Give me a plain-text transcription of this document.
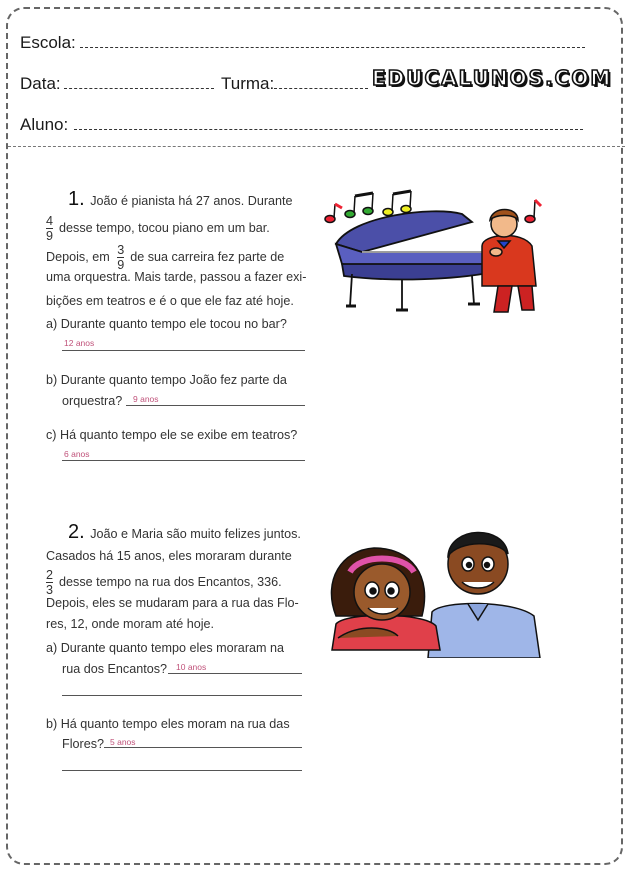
Escola:
Data:	Turma:	EDUCALUNOS.COM
Aluno:
1. João é pianista há 27 anos. Durante
$\frac{4}{9}$ desse tempo, tocou piano em um bar.
Depois, em $\frac{3}{9}$ de sua carreira fez parte de
uma orquestra. Mais tarde, passou a fazer exi-
bições em teatros e é o que ele faz até hoje.
a) Durante quanto tempo ele tocou no bar?
12 anos
b) Durante quanto tempo João fez parte da
orquestra? 9 anos
c) Há quanto tempo ele se exibe em teatros?
6 anos
2. João e Maria são muito felizes juntos.
Casados há 15 anos, eles moraram durante
$\frac{2}{3}$ desse tempo na rua dos Encantos, 336.
Depois, eles se mudaram para a rua das Flo-
res, 12, onde moram até hoje.
a) Durante quanto tempo eles moraram na
rua dos Encantos? 10 anos
b) Há quanto tempo eles moram na rua das
Flores? 5 anos
